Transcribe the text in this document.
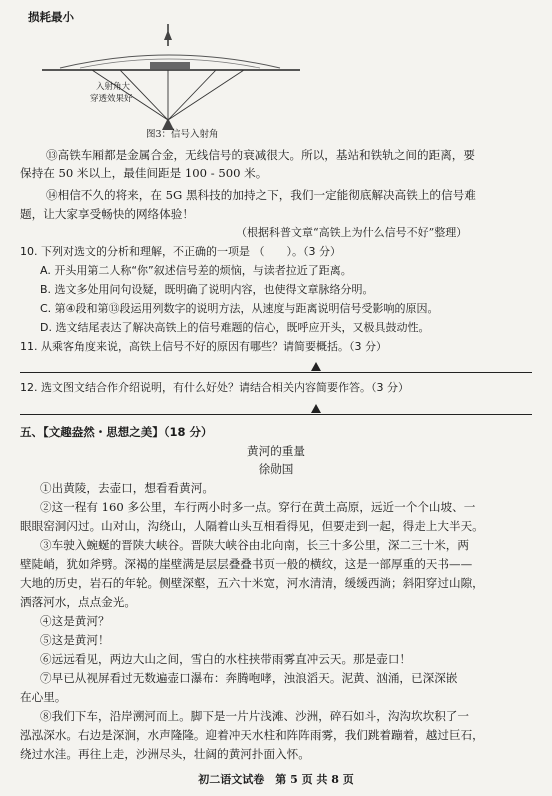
损耗最小
入射角大
穿透效果好
图3：信号入射角
⑬高铁车厢都是金属合金，无线信号的衰减很大。所以，基站和铁轨之间的距离，要
保持在 50 米以上，最佳间距是 100 - 500 米。
⑭相信不久的将来，在 5G 黑科技的加持之下，我们一定能彻底解决高铁上的信号难
题，让大家享受畅快的网络体验！
（根据科普文章“高铁上为什么信号不好”整理）
10. 下列对选文的分析和理解，不正确的一项是 （　　）。（3 分）
A. 开头用第二人称“你”叙述信号差的烦恼，与读者拉近了距离。
B. 选文多处用问句设疑，既明确了说明内容，也使得文章脉络分明。
C. 第④段和第⑬段运用列数字的说明方法，从速度与距离说明信号受影响的原因。
D. 选文结尾表达了解决高铁上的信号难题的信心，既呼应开头，又极具鼓动性。
11. 从乘客角度来说，高铁上信号不好的原因有哪些？请简要概括。（3 分）
12. 选文图文结合作介绍说明，有什么好处？请结合相关内容简要作答。（3 分）
五、【文趣盎然・思想之美】（18 分）
黄河的重量
徐勋国
①出黄陵，去壶口，想看看黄河。
②这一程有 160 多公里，车行两小时多一点。穿行在黄土高原，远近一个个山坡、一
眼眼窑洞闪过。山对山，沟绕山，人隔着山头互相看得见，但要走到一起，得走上大半天。
③车驶入蜿蜒的晋陕大峡谷。晋陕大峡谷由北向南，长三十多公里，深二三十米，两
壁陡峭，犹如斧劈。深褐的崖壁满是层层叠叠书页一般的横纹，这是一部厚重的天书——
大地的历史，岩石的年轮。侧壁深壑，五六十米宽，河水清清，缓缓西淌；斜阳穿过山隙，
洒落河水，点点金光。
④这是黄河？
⑤这是黄河！
⑥远远看见，两边大山之间，雪白的水柱挟带雨雾直冲云天。那是壶口！
⑦早已从视屏看过无数遍壶口瀑布：奔腾咆哮，浊浪滔天。泥黄、汹涌，已深深嵌
在心里。
⑧我们下车，沿岸溯河而上。脚下是一片片浅滩、沙洲，碎石如斗，沟沟坎坎积了一
泓泓深水。右边是深涧，水声隆隆。迎着冲天水柱和阵阵雨雾，我们跳着蹦着，越过巨石，
绕过水洼。再往上走，沙洲尽头，壮阔的黄河扑面入怀。
初二语文试卷　第 5 页 共 8 页
